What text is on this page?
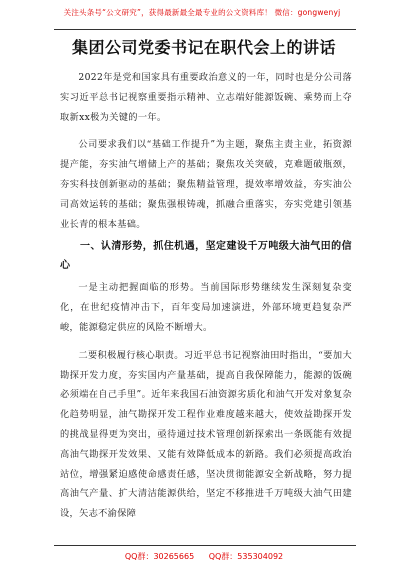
关注头条号“公文研究”，获得最新最全最专业的公文资料库！ 微信：gongwenyj
集团公司党委书记在职代会上的讲话

2022年是党和国家具有重要政治意义的一年，同时也是分公司落实习近平总书记视察重要指示精神、立志端好能源饭碗、乘势而上夺取新xx极为关键的一年。

公司要求我们以“基础工作提升”为主题，聚焦主责主业，拓资源提产能，夯实油气增储上产的基础；聚焦攻关突破，克难题破瓶颈，夯实科技创新驱动的基础；聚焦精益管理，提效率增效益，夯实油公司高效运转的基础；聚焦强根铸魂，抓融合重落实，夯实党建引领基业长青的根本基础。

一、认清形势，抓住机遇，坚定建设千万吨级大油气田的信心

一是主动把握面临的形势。当前国际形势继续发生深刻复杂变化，在世纪疫情冲击下，百年变局加速演进，外部环境更趋复杂严峻，能源稳定供应的风险不断增大。

二要积极履行核心职责。习近平总书记视察油田时指出，“要加大勘探开发力度，夯实国内产量基础，提高自我保障能力，能源的饭碗必须端在自己手里”。近年来我国石油资源劣质化和油气开发对象复杂化趋势明显，油气勘探开发工程作业难度越来越大，使效益勘探开发的挑战显得更为突出，亟待通过技术管理创新探索出一条既能有效提高油气勘探开发效果、又能有效降低成本的新路。我们必须提高政治站位，增强紧迫感使命感责任感，坚决贯彻能源安全新战略，努力提高油气产量、扩大清洁能源供给，坚定不移推进千万吨级大油气田建设，矢志不渝保障

QQ群：30265665 QQ群：535304092
